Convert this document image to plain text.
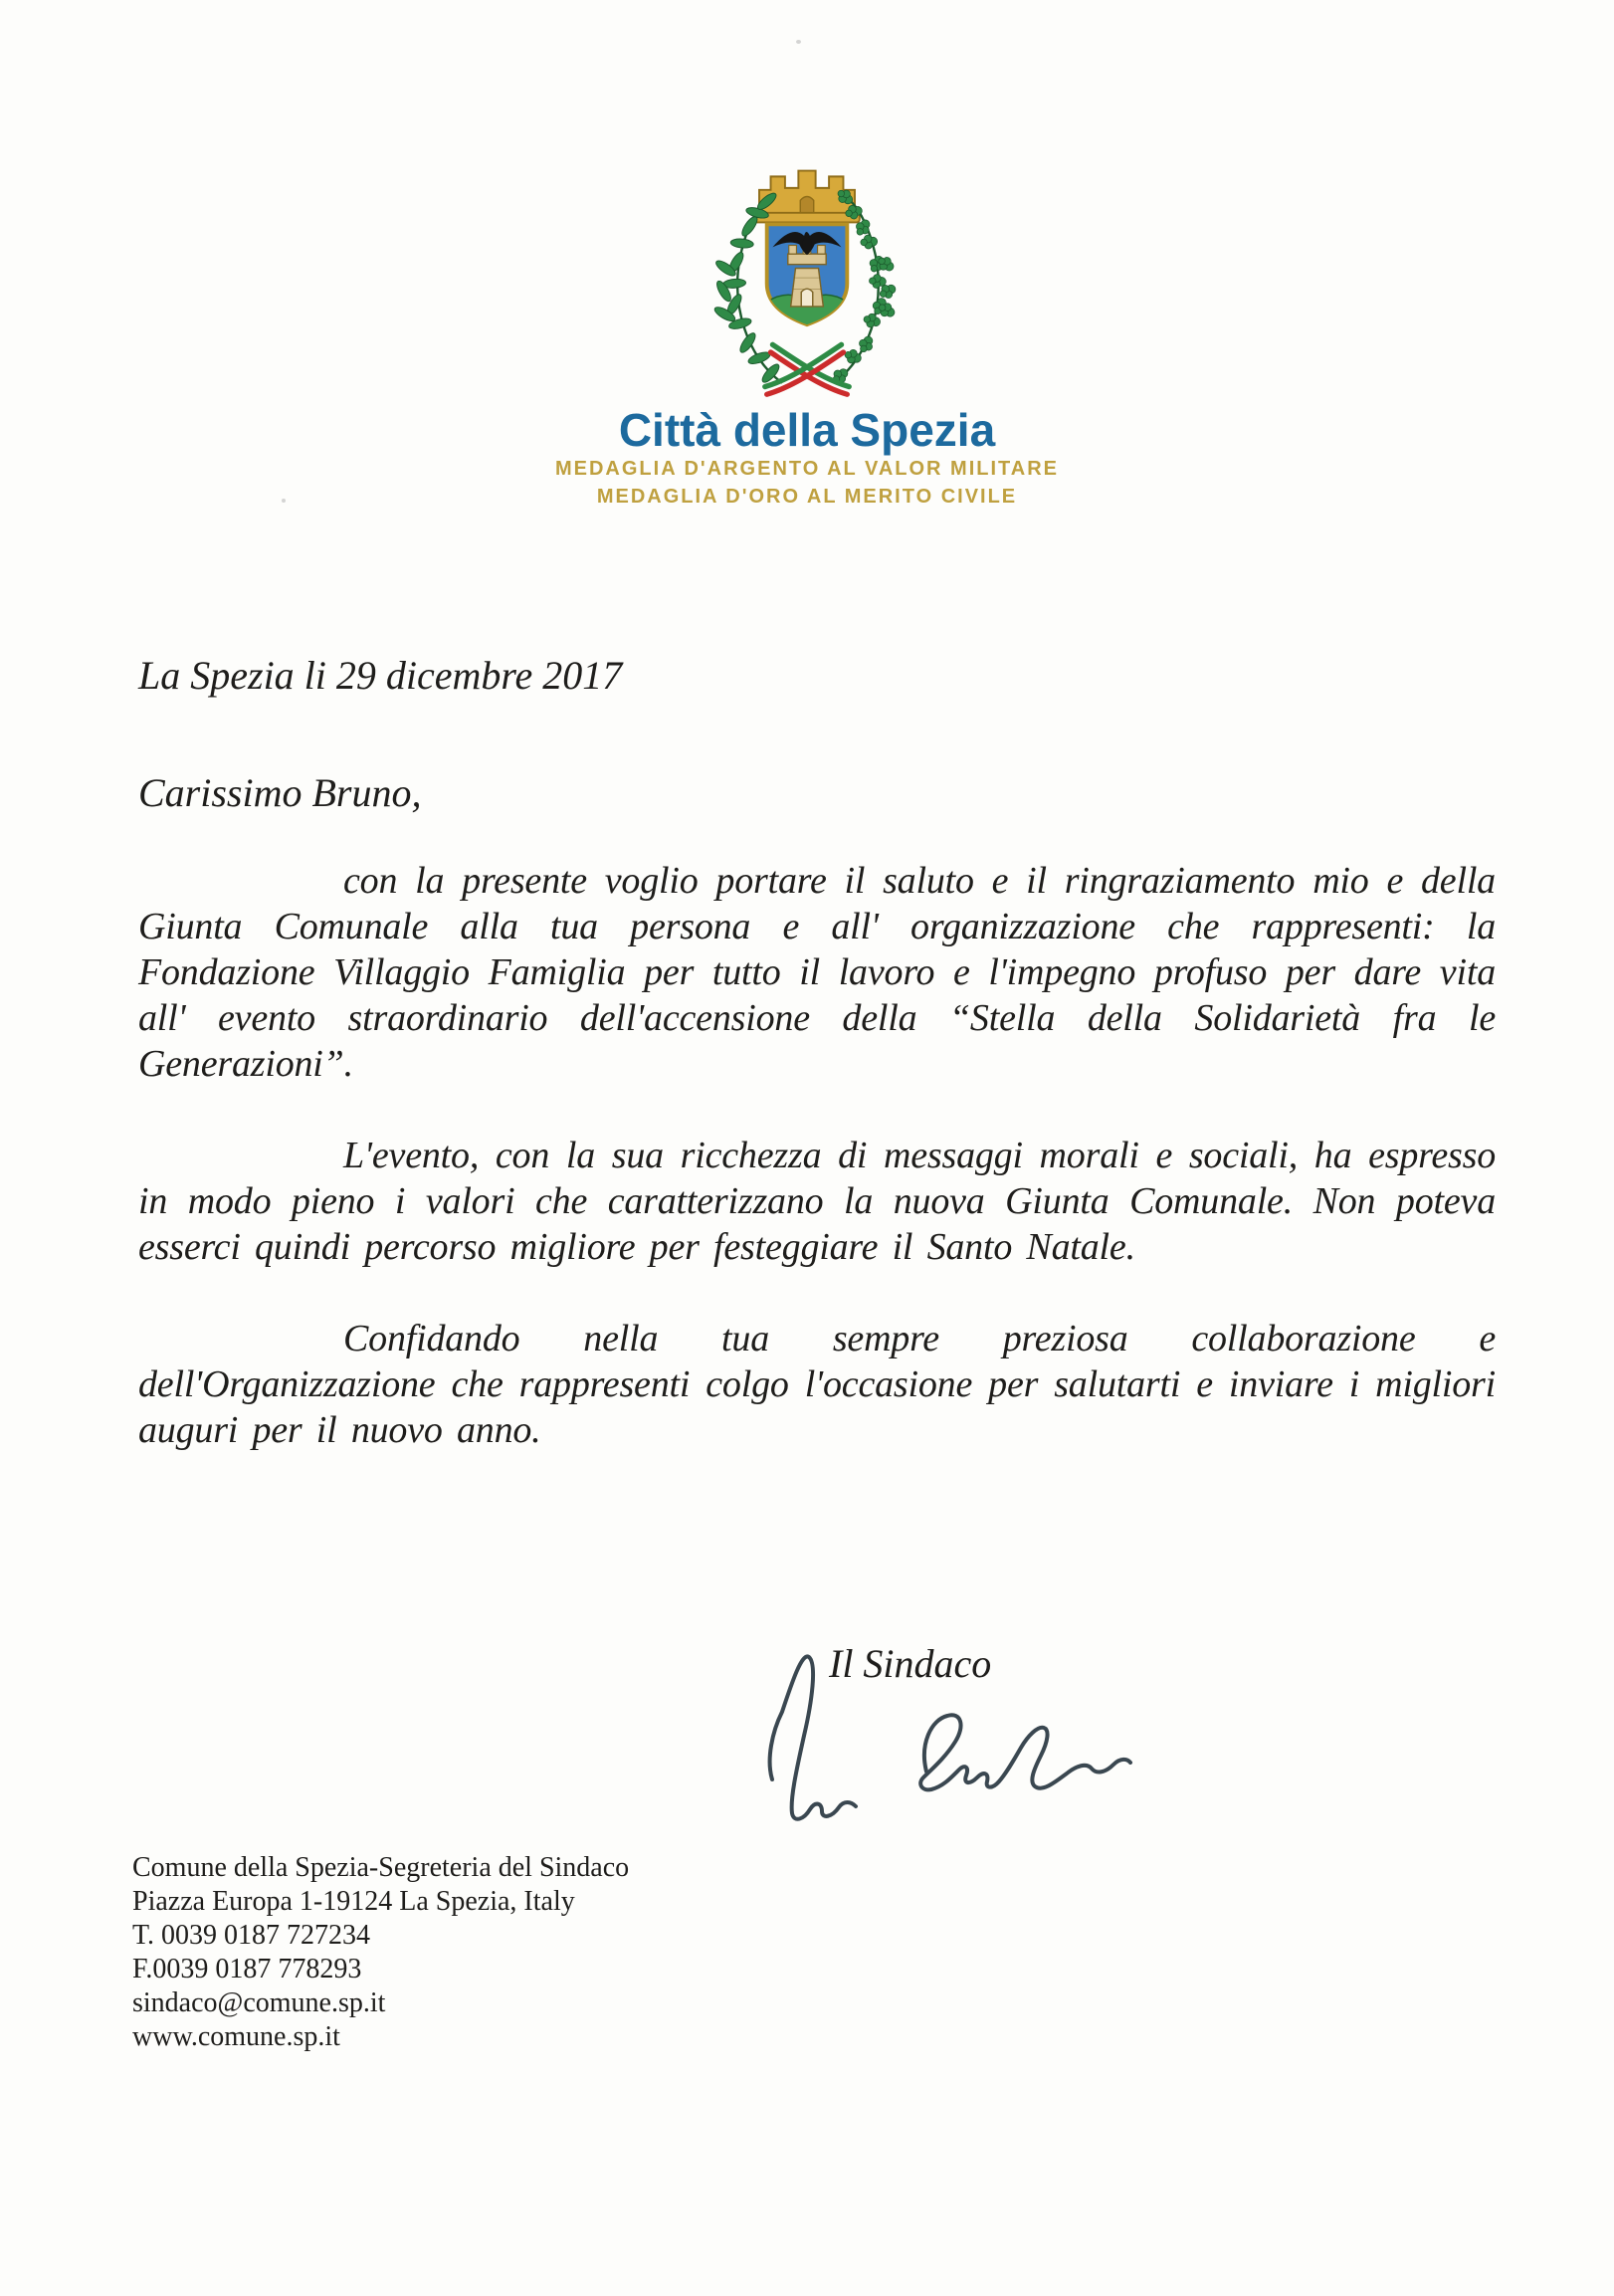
Città della Spezia
MEDAGLIA D'ARGENTO AL VALOR MILITARE
MEDAGLIA D'ORO AL MERITO CIVILE
La Spezia li 29 dicembre 2017
Carissimo Bruno,

con la presente voglio portare il saluto e il ringraziamento mio e della Giunta Comunale alla tua persona e all' organizzazione che rappresenti: la Fondazione Villaggio Famiglia per tutto il lavoro e l'impegno profuso per dare vita all' evento straordinario dell'accensione della “Stella della Solidarietà fra le Generazioni”.

L'evento, con la sua ricchezza di messaggi morali e sociali, ha espresso in modo pieno i valori che caratterizzano la nuova Giunta Comunale. Non poteva esserci quindi percorso migliore per festeggiare il Santo Natale.

Confidando nella tua sempre preziosa collaborazione e dell'Organizzazione che rappresenti colgo l'occasione per salutarti e inviare i migliori auguri per il nuovo anno.

Il Sindaco
Comune della Spezia-Segreteria del Sindaco
Piazza Europa 1-19124 La Spezia, Italy
T. 0039 0187 727234
F.0039 0187 778293
sindaco@comune.sp.it
www.comune.sp.it
